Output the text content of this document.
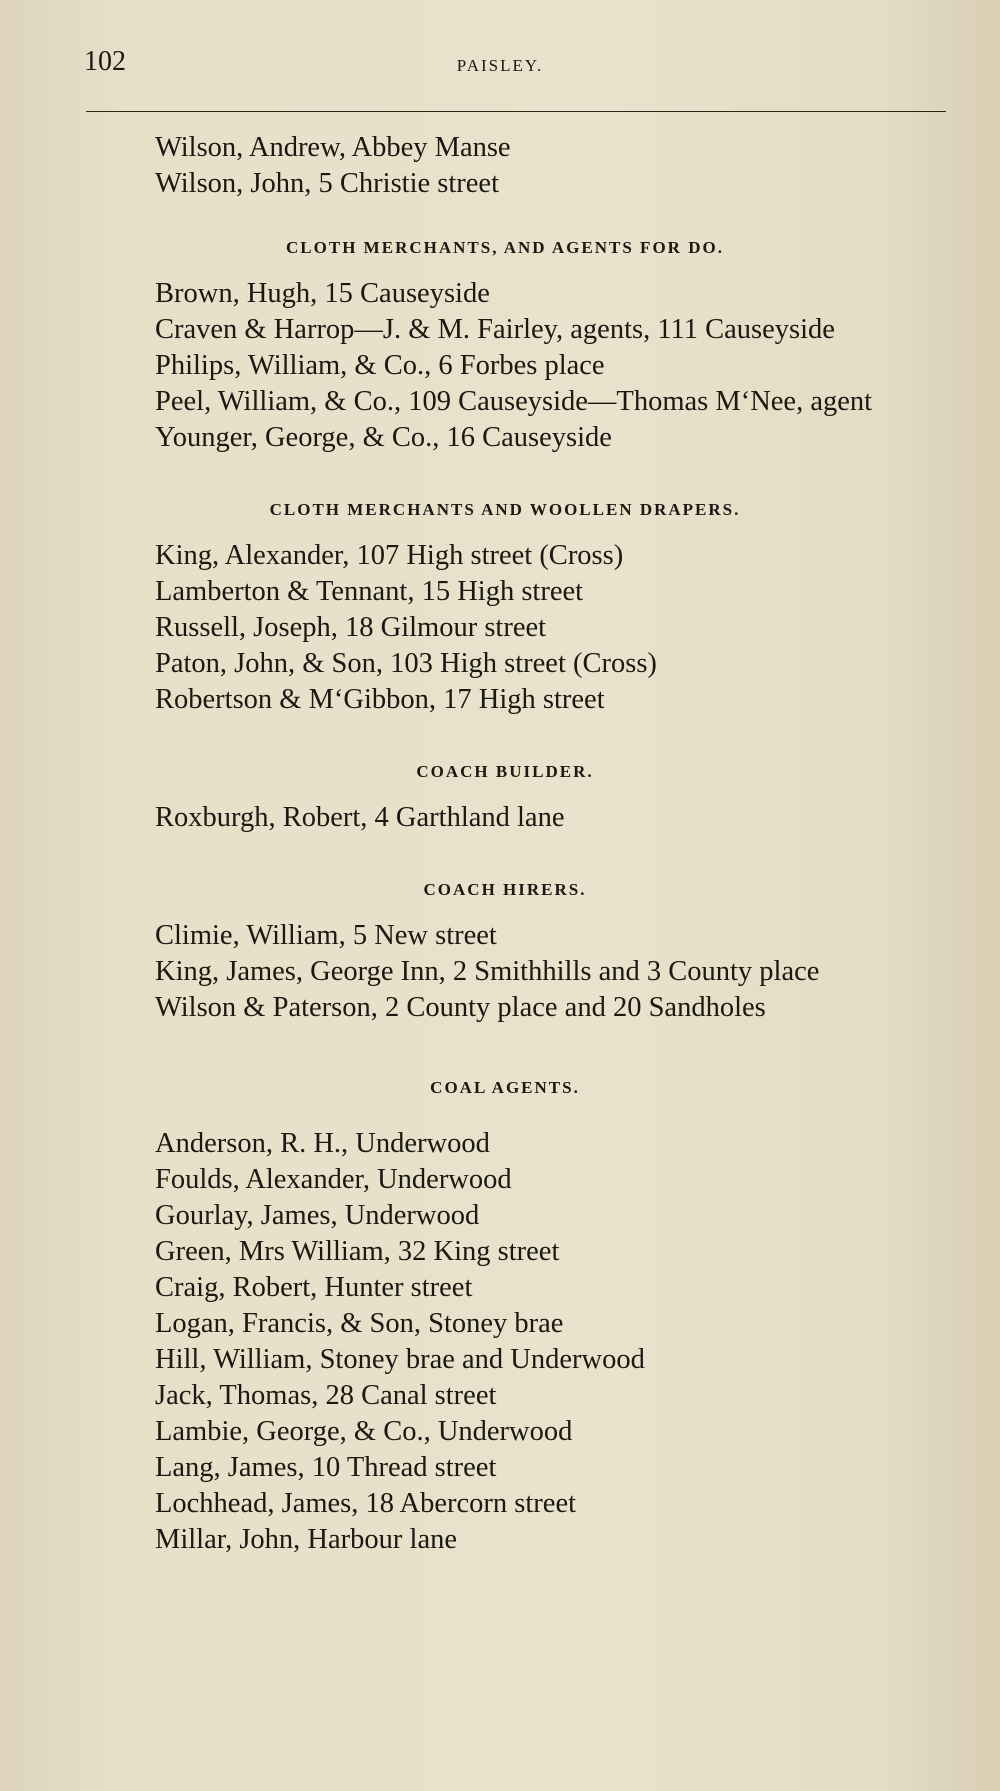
102	PAISLEY.

Wilson, Andrew, Abbey Manse

Wilson, John, 5 Christie street

CLOTH MERCHANTS, AND AGENTS FOR DO.

Brown, Hugh, 15 Causeyside

Craven & Harrop—J. & M. Fairley, agents, 111 Causeyside

Philips, William, & Co., 6 Forbes place

Peel, William, & Co., 109 Causeyside—Thomas M‘Nee, agent

Younger, George, & Co., 16 Causeyside

CLOTH MERCHANTS AND WOOLLEN DRAPERS.

King, Alexander, 107 High street (Cross)

Lamberton & Tennant, 15 High street

Russell, Joseph, 18 Gilmour street

Paton, John, & Son, 103 High street (Cross)

Robertson & M‘Gibbon, 17 High street

COACH BUILDER.

Roxburgh, Robert, 4 Garthland lane

COACH HIRERS.

Climie, William, 5 New street

King, James, George Inn, 2 Smithhills and 3 County place

Wilson & Paterson, 2 County place and 20 Sandholes

COAL AGENTS.

Anderson, R. H., Underwood

Foulds, Alexander, Underwood

Gourlay, James, Underwood

Green, Mrs William, 32 King street

Craig, Robert, Hunter street

Logan, Francis, & Son, Stoney brae

Hill, William, Stoney brae and Underwood

Jack, Thomas, 28 Canal street

Lambie, George, & Co., Underwood

Lang, James, 10 Thread street

Lochhead, James, 18 Abercorn street

Millar, John, Harbour lane
